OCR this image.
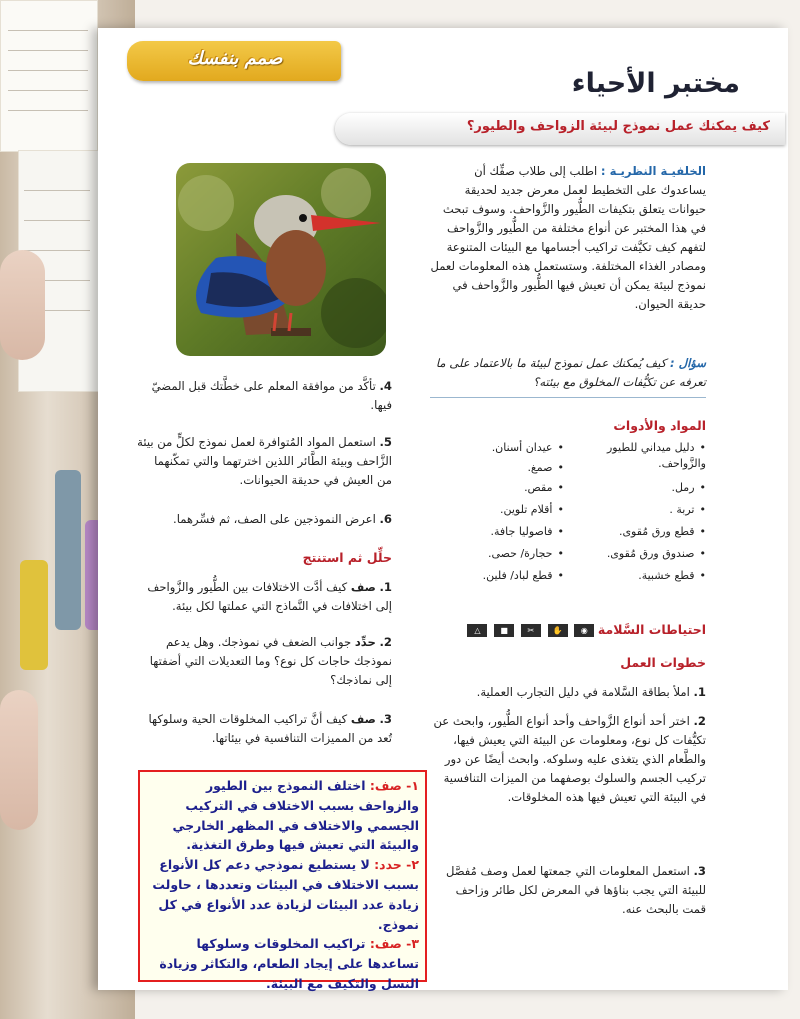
صمم بنفسك
مختبر الأحياء
كيف يمكنك عمل نموذج لبيئة الزواحف والطيور؟
الخلفيـة النظريـة : اطلب إلى طلاب صفِّك أن يساعدوك على التخطيط لعمل معرض جديد لحديقة حيوانات يتعلق بتكيفات الطُّيور والزَّواحف. وسوف تبحث في هذا المختبر عن أنواع مختلفة من الطُّيور والزَّواحف لتفهم كيف تكيَّفت تراكيب أجسامها مع البيئات المتنوعة ومصادر الغذاء المختلفة. وستستعمل هذه المعلومات لعمل نموذج لبيئة يمكن أن تعيش فيها الطُّيور والزَّواحف في حديقة الحيوان.
سؤال : كيف يُمكنك عمل نموذج لبيئة ما بالاعتماد على ما تعرفه عن تكيُّفات المخلوق مع بيئته؟
المواد والأدوات
• دليل ميداني للطيور والزَّواحف.
• رمل.
• تربة .
• قطع ورق مُقوى.
• صندوق ورق مُقوى.
• قطع خشبية.
• عيدان أسنان.
• صمغ.
• مقص.
• أقلام تلوين.
• فاصوليا جافة.
• حجارة/ حصى.
• قطع لباد/ فلين.
احتياطات السَّلامة ◉ ✋ ✂ ■ △
خطوات العمل
1. املأ بطاقة السَّلامة في دليل التجارب العملية.
2. اختر أحد أنواع الزَّواحف وأحد أنواع الطُّيور، وابحث عن تكيُّفات كل نوع، ومعلومات عن البيئة التي يعيش فيها، والطَّعام الذي يتغذى عليه وسلوكه. وابحث أيضًا عن دور تركيب الجسم والسلوك بوصفهما من الميزات التنافسية في البيئة التي تعيش فيها هذه المخلوقات.
3. استعمل المعلومات التي جمعتها لعمل وصف مُفصَّل للبيئة التي يجب بناؤها في المعرض لكل طائر وزاحف قمت بالبحث عنه.
4. تأكَّد من موافقة المعلم على خطَّتك قبل المضيّ فيها.
5. استعمل المواد المُتوافرة لعمل نموذج لكلٍّ من بيئة الزَّاحف وبيئة الطَّائر اللذين اخترتهما والتي تمكّنهما من العيش في حديقة الحيوانات.
6. اعرض النموذجين على الصف، ثم فسِّرهما.
حلِّل ثم استنتج
1. صف كيف أدَّت الاختلافات بين الطُّيور والزَّواحف إلى اختلافات في النَّماذج التي عملتها لكل بيئة.
2. حدِّد جوانب الضعف في نموذجك. وهل يدعم نموذجك حاجات كل نوع؟ وما التعديلات التي أضفتها إلى نماذجك؟
3. صف كيف أنَّ تراكيب المخلوقات الحية وسلوكها تُعد من المميزات التنافسية في بيئاتها.
١- صف: اختلف النموذج بين الطيور والزواحف بسبب الاختلاف في التركيب الجسمي والاختلاف في المظهر الخارجي والبيئة التي تعيش فيها وطرق التغذية.
٢- حدد: لا يستطيع نموذجي دعم كل الأنواع بسبب الاختلاف في البيئات وتعددها ، حاولت زيادة عدد البيئات لزيادة عدد الأنواع في كل نموذج.
٣- صف: تراكيب المخلوقات وسلوكها تساعدها على إيجاد الطعام، والتكاثر وزيادة النسل والتكيف مع البيئة.
